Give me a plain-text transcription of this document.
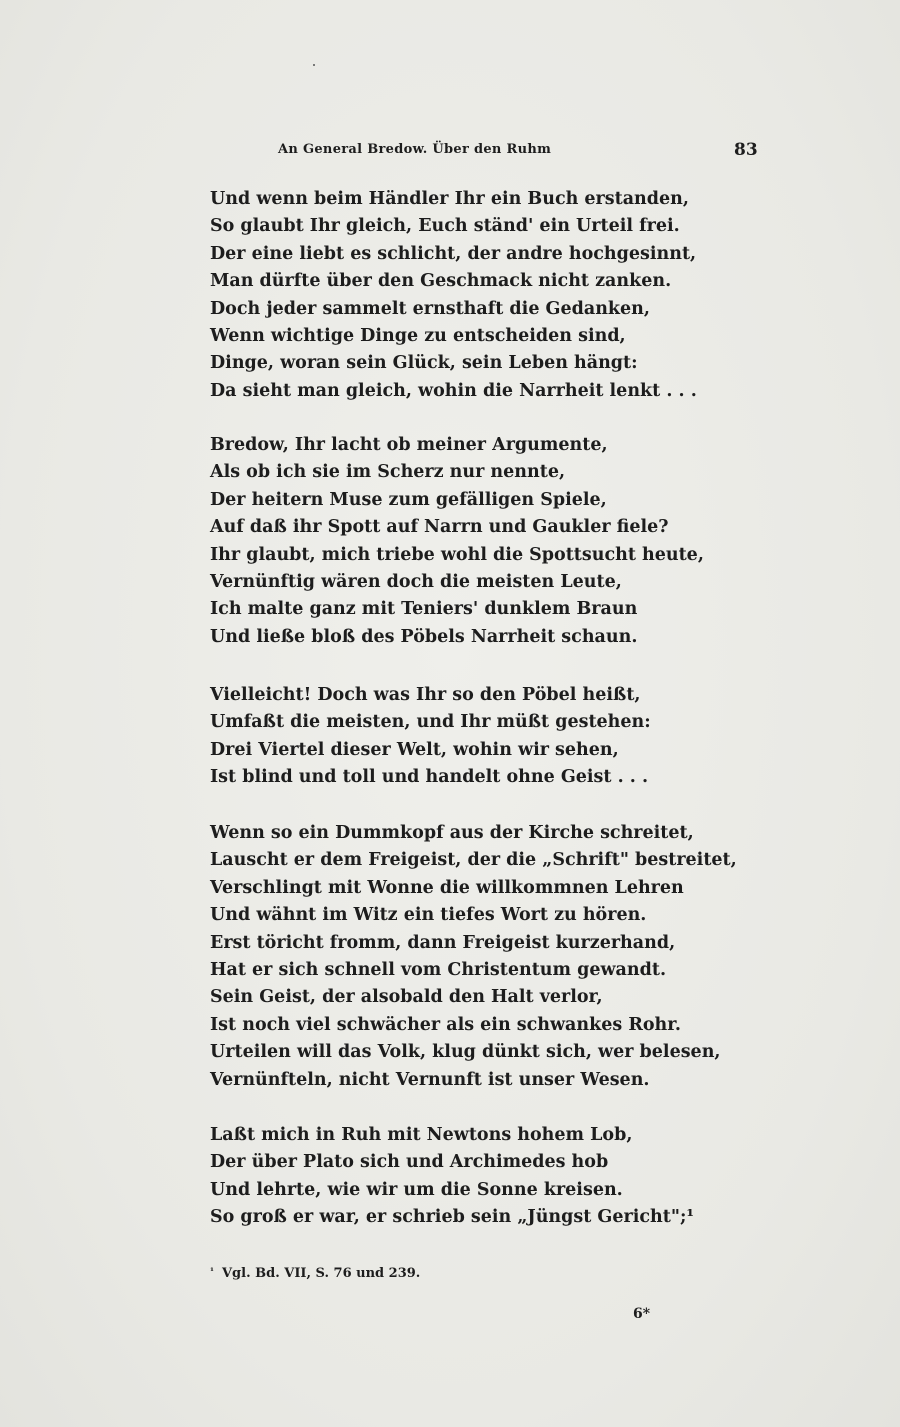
An General Bredow. Über den Ruhm	83
Und wenn beim Händler Ihr ein Buch erstanden,
So glaubt Ihr gleich, Euch ständ' ein Urteil frei.
Der eine liebt es schlicht, der andre hochgesinnt,
Man dürfte über den Geschmack nicht zanken.
Doch jeder sammelt ernsthaft die Gedanken,
Wenn wichtige Dinge zu entscheiden sind,
Dinge, woran sein Glück, sein Leben hängt:
Da sieht man gleich, wohin die Narrheit lenkt . . .
Bredow, Ihr lacht ob meiner Argumente,
Als ob ich sie im Scherz nur nennte,
Der heitern Muse zum gefälligen Spiele,
Auf daß ihr Spott auf Narrn und Gaukler fiele?
Ihr glaubt, mich triebe wohl die Spottsucht heute,
Vernünftig wären doch die meisten Leute,
Ich malte ganz mit Teniers' dunklem Braun
Und ließe bloß des Pöbels Narrheit schaun.
Vielleicht! Doch was Ihr so den Pöbel heißt,
Umfaßt die meisten, und Ihr müßt gestehen:
Drei Viertel dieser Welt, wohin wir sehen,
Ist blind und toll und handelt ohne Geist . . .
Wenn so ein Dummkopf aus der Kirche schreitet,
Lauscht er dem Freigeist, der die „Schrift" bestreitet,
Verschlingt mit Wonne die willkommnen Lehren
Und wähnt im Witz ein tiefes Wort zu hören.
Erst töricht fromm, dann Freigeist kurzerhand,
Hat er sich schnell vom Christentum gewandt.
Sein Geist, der alsobald den Halt verlor,
Ist noch viel schwächer als ein schwankes Rohr.
Urteilen will das Volk, klug dünkt sich, wer belesen,
Vernünfteln, nicht Vernunft ist unser Wesen.
Laßt mich in Ruh mit Newtons hohem Lob,
Der über Plato sich und Archimedes hob
Und lehrte, wie wir um die Sonne kreisen.
So groß er war, er schrieb sein „Jüngst Gericht";¹
$^{^1}$ Vgl. Bd. VII, S. 76 und 239.
6*
